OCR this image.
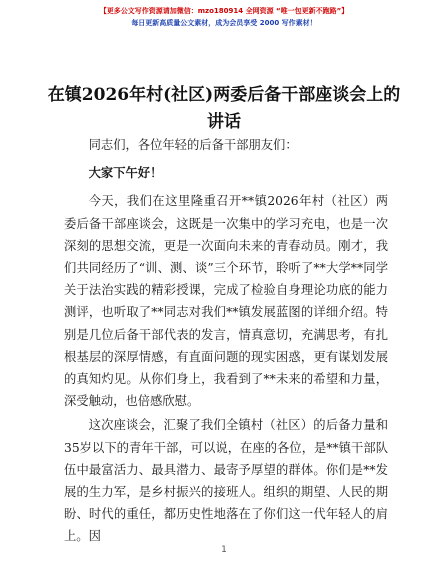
【更多公文写作资源请加微信：mzo180914 全网资源 “唯一包更新不跑路”】
每日更新高质量公文素材，成为会员享受 2000 写作素材！
在镇2026年村(社区)两委后备干部座谈会上的讲话

同志们，各位年轻的后备干部朋友们：

大家下午好！

今天，我们在这里隆重召开**镇2026年村（社区）两委后备干部座谈会，这既是一次集中的学习充电，也是一次深刻的思想交流，更是一次面向未来的青春动员。刚才，我们共同经历了“训、测、谈”三个环节，聆听了**大学**同学关于法治实践的精彩授课，完成了检验自身理论功底的能力测评，也听取了**同志对我们**镇发展蓝图的详细介绍。特别是几位后备干部代表的发言，情真意切，充满思考，有扎根基层的深厚情感，有直面问题的现实困惑，更有谋划发展的真知灼见。从你们身上，我看到了**未来的希望和力量，深受触动，也倍感欣慰。

这次座谈会，汇聚了我们全镇村（社区）的后备力量和35岁以下的青年干部，可以说，在座的各位，是**镇干部队伍中最富活力、最具潜力、最寄予厚望的群体。你们是**发展的生力军，是乡村振兴的接班人。组织的期望、人民的期盼、时代的重任，都历史性地落在了你们这一代年轻人的肩上。因

1
